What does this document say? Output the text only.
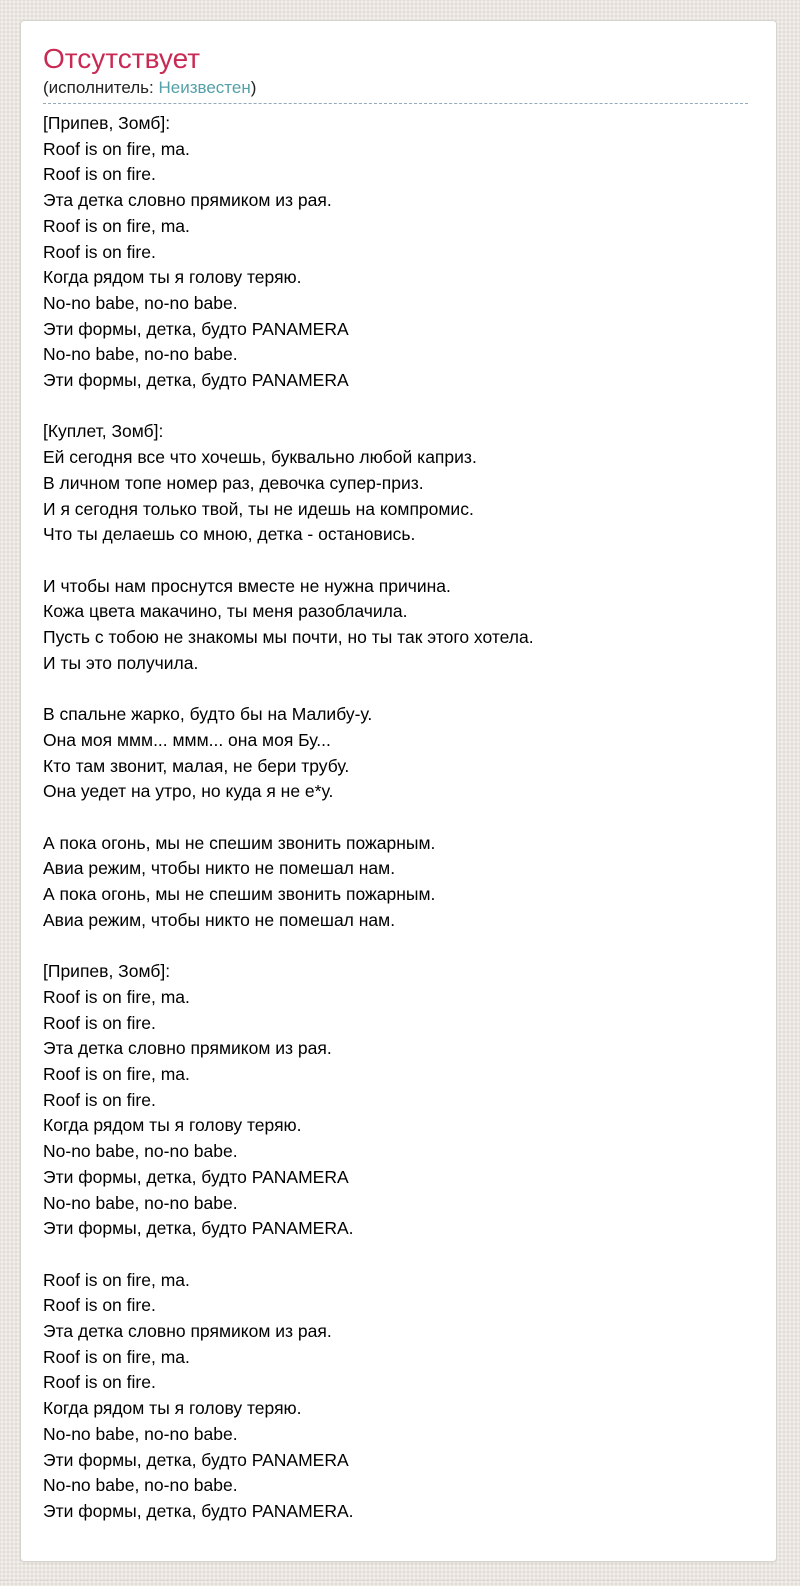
Отсутствует
(исполнитель: Неизвестен)
[Припев, Зомб]:
Roof is on fire, ma.
Roof is on fire.
Эта детка словно прямиком из рая.
Roof is on fire, ma.
Roof is on fire.
Когда рядом ты я голову теряю.
No-no babe, no-no babe.
Эти формы, детка, будто PANAMERA
No-no babe, no-no babe.
Эти формы, детка, будто PANAMERA

[Куплет, Зомб]:
Ей сегодня все что хочешь, буквально любой каприз.
В личном топе номер раз, девочка супер-приз.
И я сегодня только твой, ты не идешь на компромис.
Что ты делаешь со мною, детка - остановись.

И чтобы нам проснутся вместе не нужна причина.
Кожа цвета макачино, ты меня разоблачила.
Пусть с тобою не знакомы мы почти, но ты так этого хотела.
И ты это получила.

В спальне жарко, будто бы на Малибу-у.
Она моя ммм... ммм... она моя Бу...
Кто там звонит, малая, не бери трубу.
Она уедет на утро, но куда я не е*у.

А пока огонь, мы не спешим звонить пожарным.
Авиа режим, чтобы никто не помешал нам.
А пока огонь, мы не спешим звонить пожарным.
Авиа режим, чтобы никто не помешал нам.

[Припев, Зомб]:
Roof is on fire, ma.
Roof is on fire.
Эта детка словно прямиком из рая.
Roof is on fire, ma.
Roof is on fire.
Когда рядом ты я голову теряю.
No-no babe, no-no babe.
Эти формы, детка, будто PANAMERA
No-no babe, no-no babe.
Эти формы, детка, будто PANAMERA.

Roof is on fire, ma.
Roof is on fire.
Эта детка словно прямиком из рая.
Roof is on fire, ma.
Roof is on fire.
Когда рядом ты я голову теряю.
No-no babe, no-no babe.
Эти формы, детка, будто PANAMERA
No-no babe, no-no babe.
Эти формы, детка, будто PANAMERA.
